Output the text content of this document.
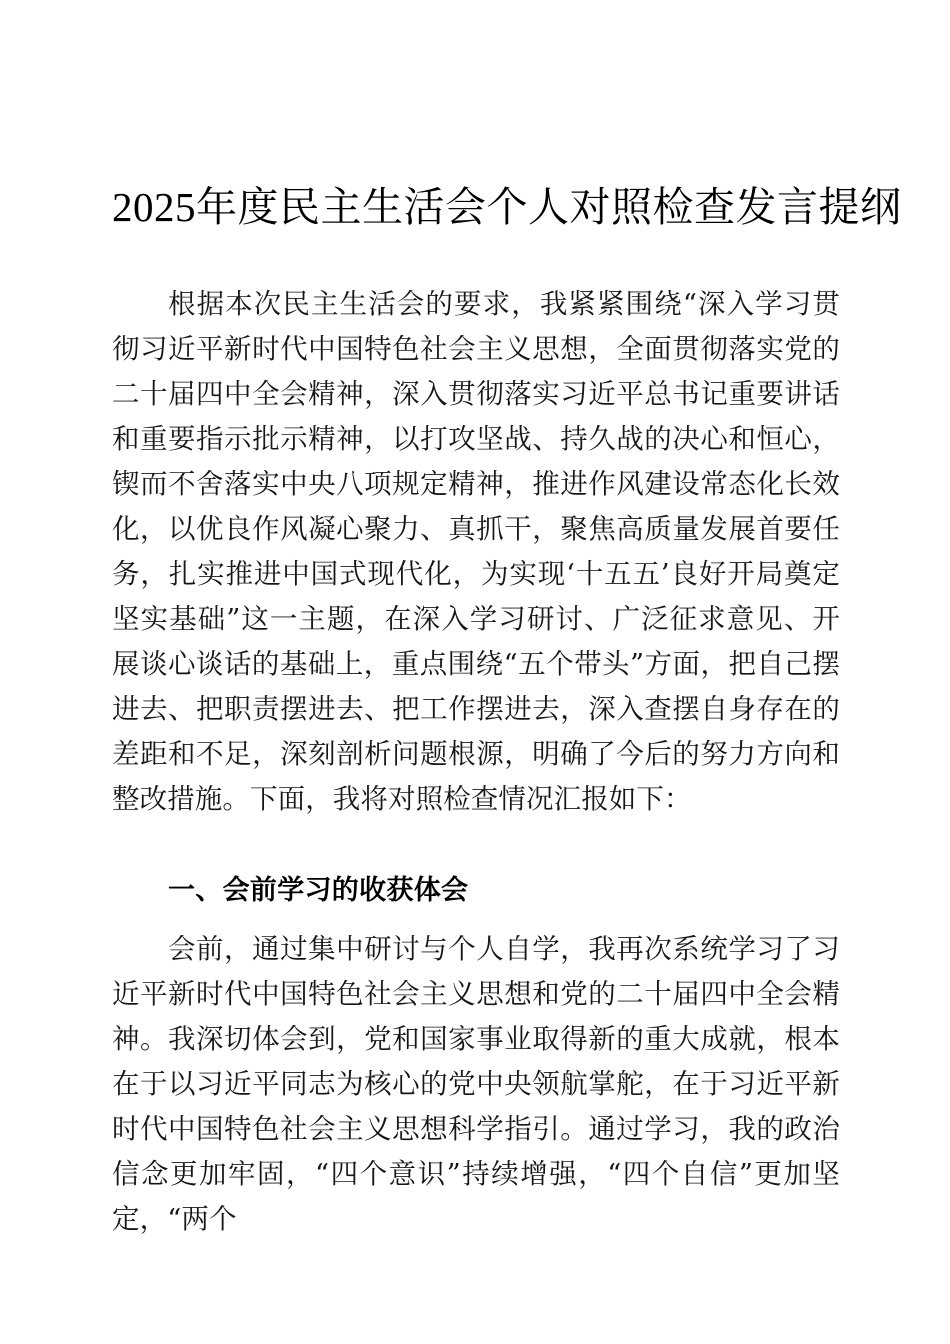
2025年度民主生活会个人对照检查发言提纲

根据本次民主生活会的要求，我紧紧围绕“深入学习贯彻习近平新时代中国特色社会主义思想，全面贯彻落实党的二十届四中全会精神，深入贯彻落实习近平总书记重要讲话和重要指示批示精神，以打攻坚战、持久战的决心和恒心，锲而不舍落实中央八项规定精神，推进作风建设常态化长效化，以优良作风凝心聚力、真抓干，聚焦高质量发展首要任务，扎实推进中国式现代化，为实现‘十五五’良好开局奠定坚实基础”这一主题，在深入学习研讨、广泛征求意见、开展谈心谈话的基础上，重点围绕“五个带头”方面，把自己摆进去、把职责摆进去、把工作摆进去，深入查摆自身存在的差距和不足，深刻剖析问题根源，明确了今后的努力方向和整改措施。下面，我将对照检查情况汇报如下：

一、会前学习的收获体会

会前，通过集中研讨与个人自学，我再次系统学习了习近平新时代中国特色社会主义思想和党的二十届四中全会精神。我深切体会到，党和国家事业取得新的重大成就，根本在于以习近平同志为核心的党中央领航掌舵，在于习近平新时代中国特色社会主义思想科学指引。通过学习，我的政治信念更加牢固，“四个意识”持续增强，“四个自信”更加坚定，“两个
